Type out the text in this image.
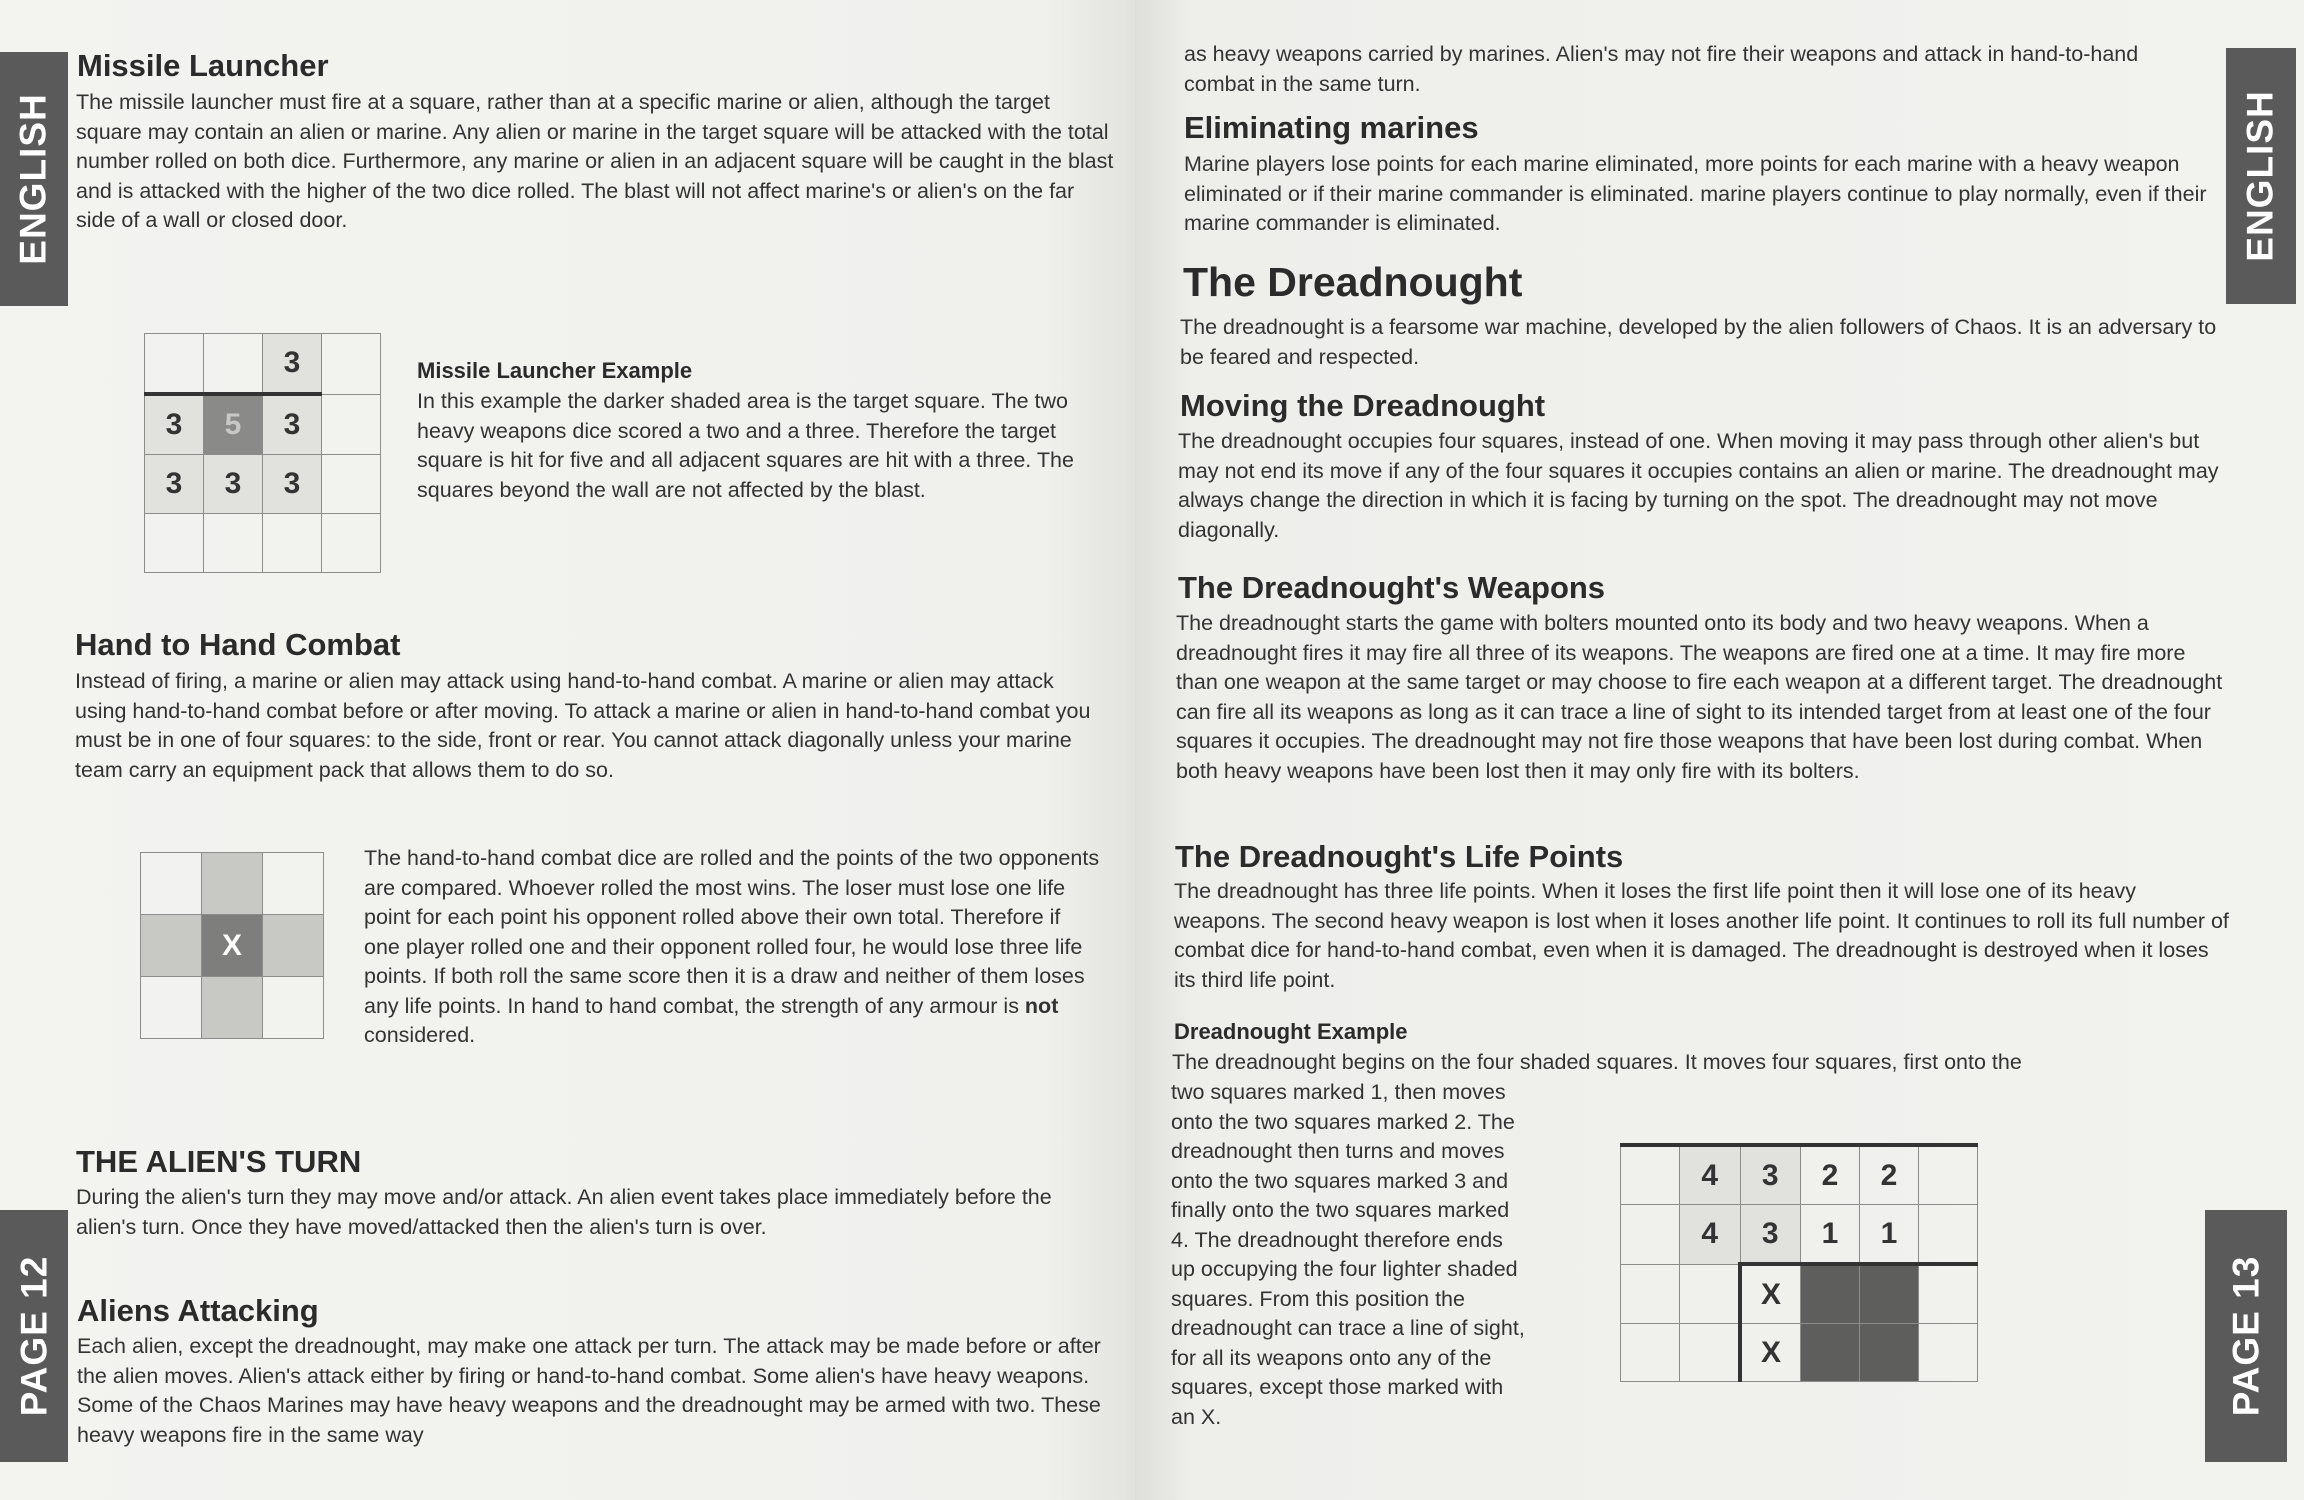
ENGLISH
PAGE 12
Missile Launcher

The missile launcher must fire at a square, rather than at a specific marine or alien, although the target square may contain an alien or marine. Any alien or marine in the target square will be attacked with the total number rolled on both dice. Furthermore, any marine or alien in an adjacent square will be caught in the blast and is attacked with the higher of the two dice rolled. The blast will not affect marine's or alien's on the far side of a wall or closed door.

		3	
3	5	3	
3	3	3	

Missile Launcher Example

In this example the darker shaded area is the target square. The two heavy weapons dice scored a two and a three. Therefore the target square is hit for five and all adjacent squares are hit with a three. The squares beyond the wall are not affected by the blast.

Hand to Hand Combat

Instead of firing, a marine or alien may attack using hand-to-hand combat. A marine or alien may attack using hand-to-hand combat before or after moving. To attack a marine or alien in hand-to-hand combat you must be in one of four squares: to the side, front or rear. You cannot attack diagonally unless your marine team carry an equipment pack that allows them to do so.

	X	

The hand-to-hand combat dice are rolled and the points of the two opponents are compared. Whoever rolled the most wins. The loser must lose one life point for each point his opponent rolled above their own total. Therefore if one player rolled one and their opponent rolled four, he would lose three life points. If both roll the same score then it is a draw and neither of them loses any life points. In hand to hand combat, the strength of any armour is not considered.

THE ALIEN'S TURN

During the alien's turn they may move and/or attack. An alien event takes place immediately before the alien's turn. Once they have moved/attacked then the alien's turn is over.

Aliens Attacking

Each alien, except the dreadnought, may make one attack per turn. The attack may be made before or after the alien moves. Alien's attack either by firing or hand-to-hand combat. Some alien's have heavy weapons. Some of the Chaos Marines may have heavy weapons and the dreadnought may be armed with two. These heavy weapons fire in the same way

ENGLISH
PAGE 13

as heavy weapons carried by marines. Alien's may not fire their weapons and attack in hand-to-hand combat in the same turn.

Eliminating marines

Marine players lose points for each marine eliminated, more points for each marine with a heavy weapon eliminated or if their marine commander is eliminated. marine players continue to play normally, even if their marine commander is eliminated.

The Dreadnought

The dreadnought is a fearsome war machine, developed by the alien followers of Chaos. It is an adversary to be feared and respected.

Moving the Dreadnought

The dreadnought occupies four squares, instead of one. When moving it may pass through other alien's but may not end its move if any of the four squares it occupies contains an alien or marine. The dreadnought may always change the direction in which it is facing by turning on the spot. The dreadnought may not move diagonally.

The Dreadnought's Weapons

The dreadnought starts the game with bolters mounted onto its body and two heavy weapons. When a dreadnought fires it may fire all three of its weapons. The weapons are fired one at a time. It may fire more than one weapon at the same target or may choose to fire each weapon at a different target. The dreadnought can fire all its weapons as long as it can trace a line of sight to its intended target from at least one of the four squares it occupies. The dreadnought may not fire those weapons that have been lost during combat. When both heavy weapons have been lost then it may only fire with its bolters.

The Dreadnought's Life Points

The dreadnought has three life points. When it loses the first life point then it will lose one of its heavy weapons. The second heavy weapon is lost when it loses another life point. It continues to roll its full number of combat dice for hand-to-hand combat, even when it is damaged. The dreadnought is destroyed when it loses its third life point.

Dreadnought Example

The dreadnought begins on the four shaded squares. It moves four squares, first onto the

two squares marked 1, then moves onto the two squares marked 2. The dreadnought then turns and moves onto the two squares marked 3 and finally onto the two squares marked 4. The dreadnought therefore ends up occupying the four lighter shaded squares. From this position the dreadnought can trace a line of sight, for all its weapons onto any of the squares, except those marked with an X.

	4	3	2	2	
	4	3	1	1	
		X			
		X			
